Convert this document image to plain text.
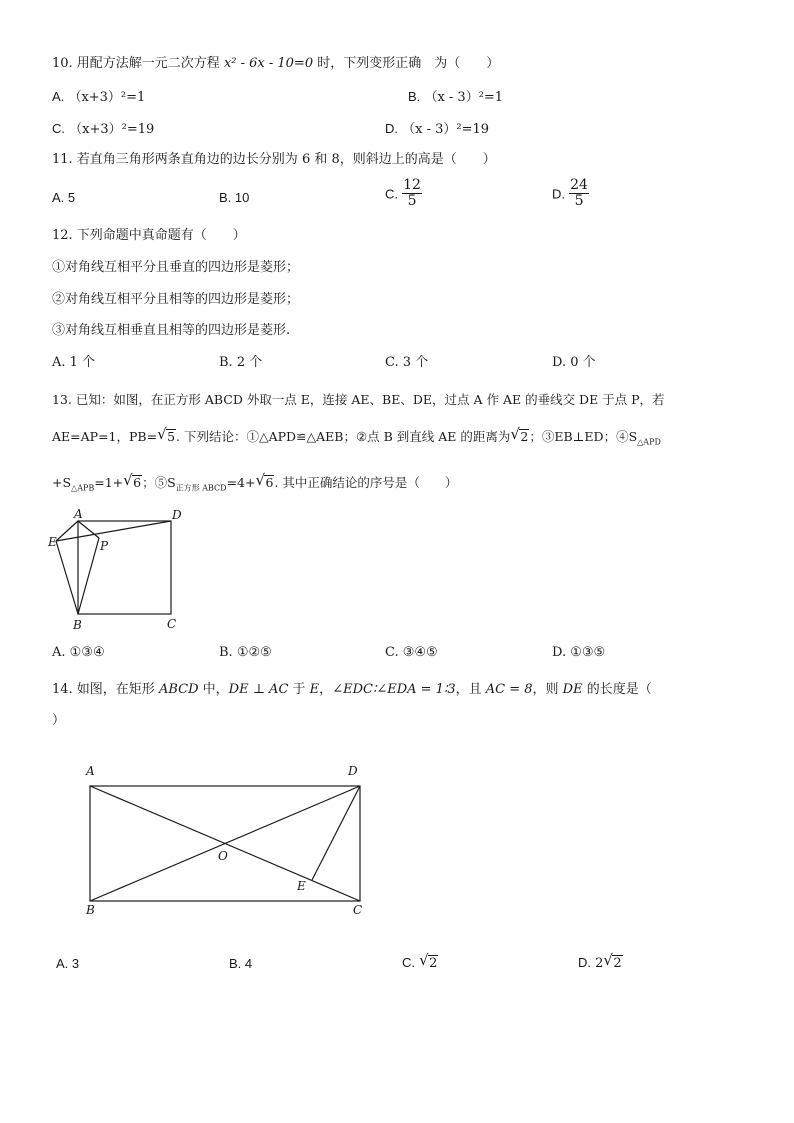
10. 用配方法解一元二次方程 x² - 6x - 10=0 时，下列变形正确　为（　　）
A. （x+3）²=1	B. （x - 3）²=1
C. （x+3）²=19	D. （x - 3）²=19
11. 若直角三角形两条直角边的边长分别为 6 和 8，则斜边上的高是（　　）
A. 5	B. 10	C. $\frac{12}{5}$	D. $\frac{24}{5}$
12. 下列命题中真命题有（　　）
①对角线互相平分且垂直的四边形是菱形；
②对角线互相平分且相等的四边形是菱形；
③对角线互相垂直且相等的四边形是菱形.
A. 1 个	B. 2 个	C. 3 个	D. 0 个
13. 已知：如图，在正方形 ABCD 外取一点 E，连接 AE、BE、DE，过点 A 作 AE 的垂线交 DE 于点 P，若
AE=AP=1，PB= √ 5. 下列结论：①△APD≌△AEB；②点 B 到直线 AE 的距离为 √ 2；③EB⊥ED；$④S_{\triangle APD}$
$+S_{\triangle APB}=1+$ √ 6；$⑤S_{正方形 ABCD}=4+$ √ 6. 其中正确结论的序号是（　　）
A	D
E	P
B	C
A. ①③④	B. ①②⑤	C. ③④⑤	D. ①③⑤
14. 如图，在矩形 ABCD 中，DE ⊥ AC 于 E，∠EDC∶∠EDA = 1∶3，且 AC = 8，则 DE 的长度是（
）
A	D
O
E
B	C
A. 3	B. 4	C. √ 2	D. 2 √ 2
